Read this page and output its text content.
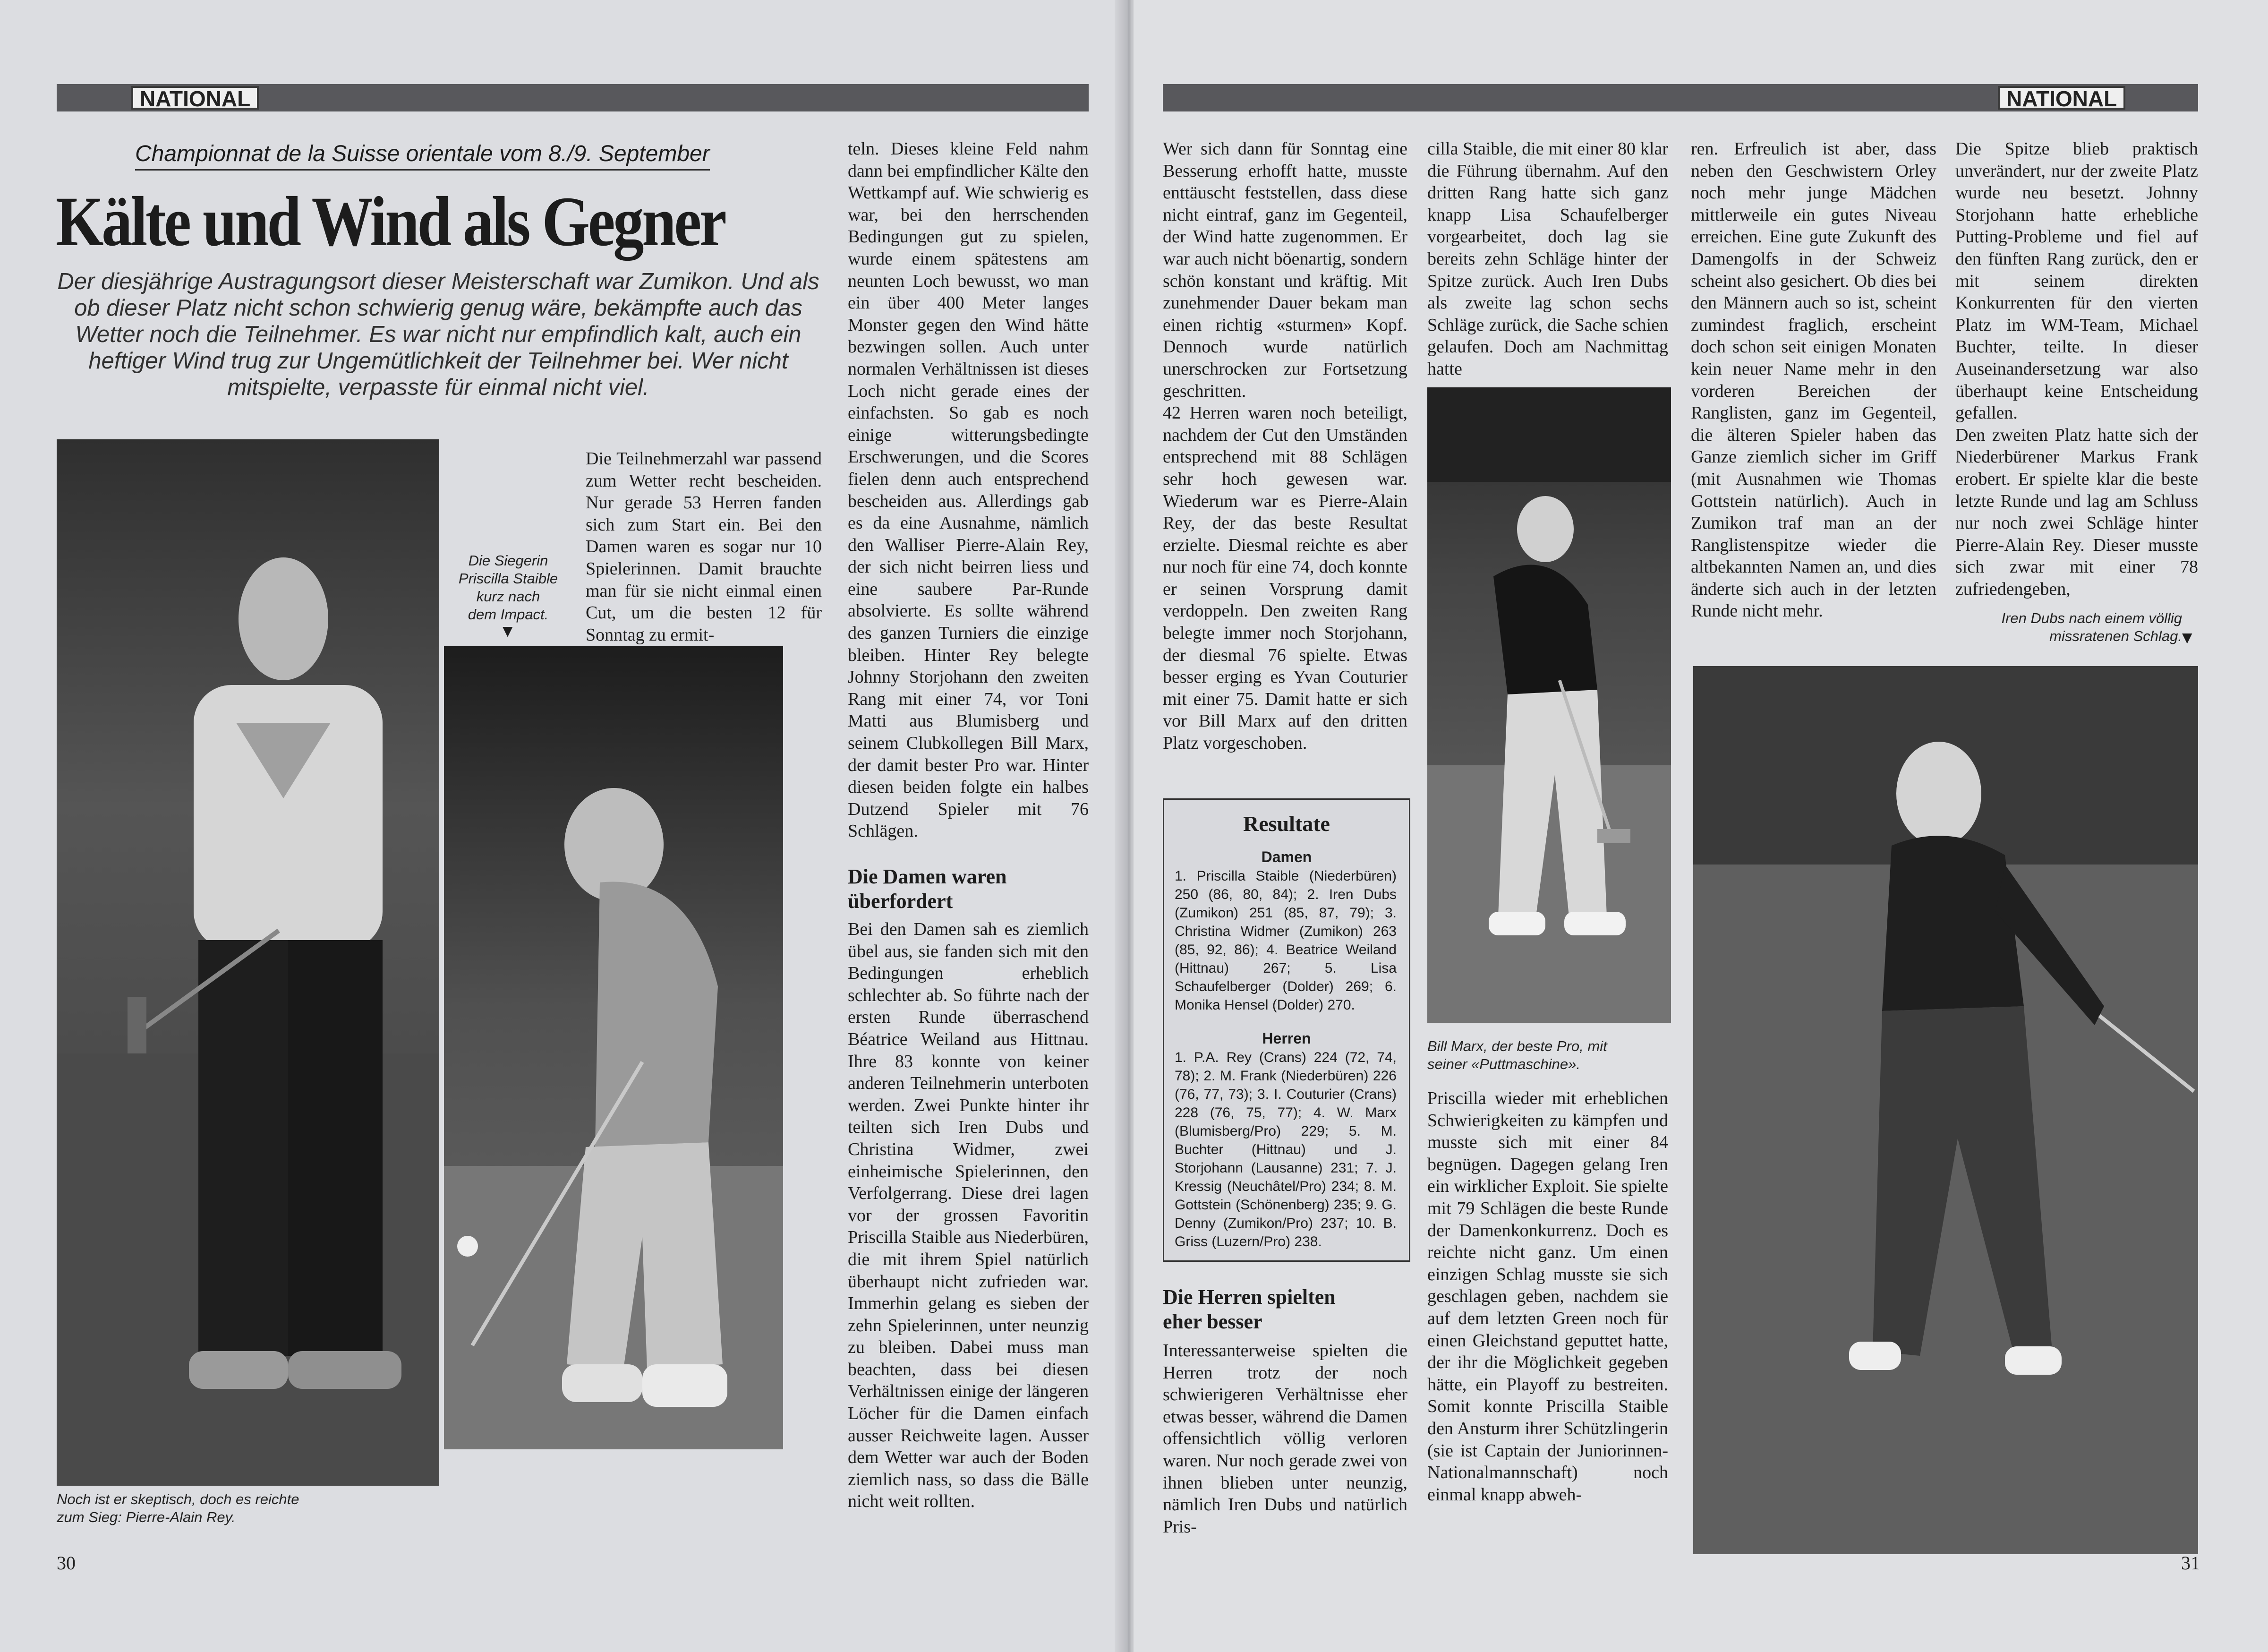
NATIONAL
Championnat de la Suisse orientale vom 8./9. September
Kälte und Wind als Gegner

Der diesjährige Austragungsort dieser Meisterschaft war Zumikon. Und als ob dieser Platz nicht schon schwierig genug wäre, bekämpfte auch das Wetter noch die Teilnehmer. Es war nicht nur empfindlich kalt, auch ein heftiger Wind trug zur Ungemütlichkeit der Teilnehmer bei. Wer nicht mitspielte, verpasste für einmal nicht viel.

Noch ist er skeptisch, doch es reichte
zum Sieg: Pierre-Alain Rey.
Die Siegerin
Priscilla Staible
kurz nach
dem Impact.
▼
Die Teilnehmerzahl war passend zum Wetter recht bescheiden. Nur gerade 53 Herren fanden sich zum Start ein. Bei den Damen waren es sogar nur 10 Spielerinnen. Damit brauchte man für sie nicht einmal einen Cut, um die besten 12 für Sonntag zu ermit-
teln. Dieses kleine Feld nahm dann bei empfindlicher Kälte den Wettkampf auf. Wie schwierig es war, bei den herrschenden Bedingungen gut zu spielen, wurde einem spätestens am neunten Loch bewusst, wo man ein über 400 Meter langes Monster gegen den Wind hätte bezwingen sollen. Auch unter normalen Verhältnissen ist dieses Loch nicht gerade eines der einfachsten. So gab es noch einige witterungsbedingte Erschwerungen, und die Scores fielen denn auch entsprechend bescheiden aus. Allerdings gab es da eine Ausnahme, nämlich den Walliser Pierre-Alain Rey, der sich nicht beirren liess und eine saubere Par-Runde absolvierte. Es sollte während des ganzen Turniers die einzige bleiben. Hinter Rey belegte Johnny Storjohann den zweiten Rang mit einer 74, vor Toni Matti aus Blumisberg und seinem Clubkollegen Bill Marx, der damit bester Pro war. Hinter diesen beiden folgte ein halbes Dutzend Spieler mit 76 Schlägen.
Die Damen waren
überfordert
Bei den Damen sah es ziemlich übel aus, sie fanden sich mit den Bedingungen erheblich schlechter ab. So führte nach der ersten Runde überraschend Béatrice Weiland aus Hittnau. Ihre 83 konnte von keiner anderen Teilnehmerin unterboten werden. Zwei Punkte hinter ihr teilten sich Iren Dubs und Christina Widmer, zwei einheimische Spielerinnen, den Verfolgerrang. Diese drei lagen vor der grossen Favoritin Priscilla Staible aus Niederbüren, die mit ihrem Spiel natürlich überhaupt nicht zufrieden war. Immerhin gelang es sieben der zehn Spielerinnen, unter neunzig zu bleiben. Dabei muss man beachten, dass bei diesen Verhältnissen einige der längeren Löcher für die Damen einfach ausser Reichweite lagen. Ausser dem Wetter war auch der Boden ziemlich nass, so dass die Bälle nicht weit rollten.
30
NATIONAL
Wer sich dann für Sonntag eine Besserung erhofft hatte, musste enttäuscht feststellen, dass diese nicht eintraf, ganz im Gegenteil, der Wind hatte zugenommen. Er war auch nicht böenartig, sondern schön konstant und kräftig. Mit zunehmender Dauer bekam man einen richtig «sturmen» Kopf. Dennoch wurde natürlich unerschrocken zur Fortsetzung geschritten.
42 Herren waren noch beteiligt, nachdem der Cut den Umständen entsprechend mit 88 Schlägen sehr hoch gewesen war. Wiederum war es Pierre-Alain Rey, der das beste Resultat erzielte. Diesmal reichte es aber nur noch für eine 74, doch konnte er seinen Vorsprung damit verdoppeln. Den zweiten Rang belegte immer noch Storjohann, der diesmal 76 spielte. Etwas besser erging es Yvan Couturier mit einer 75. Damit hatte er sich vor Bill Marx auf den dritten Platz vorgeschoben.
Resultate
Damen
1. Priscilla Staible (Niederbüren) 250 (86, 80, 84); 2. Iren Dubs (Zumikon) 251 (85, 87, 79); 3. Christina Widmer (Zumikon) 263 (85, 92, 86); 4. Beatrice Weiland (Hittnau) 267; 5. Lisa Schaufelberger (Dolder) 269; 6. Monika Hensel (Dolder) 270.
Herren
1. P.A. Rey (Crans) 224 (72, 74, 78); 2. M. Frank (Niederbüren) 226 (76, 77, 73); 3. I. Couturier (Crans) 228 (76, 75, 77); 4. W. Marx (Blumisberg/Pro) 229; 5. M. Buchter (Hittnau) und J. Storjohann (Lausanne) 231; 7. J. Kressig (Neuchâtel/Pro) 234; 8. M. Gottstein (Schönenberg) 235; 9. G. Denny (Zumikon/Pro) 237; 10. B. Griss (Luzern/Pro) 238.
Die Herren spielten
eher besser
Interessanterweise spielten die Herren trotz der noch schwierigeren Verhältnisse eher etwas besser, während die Damen offensichtlich völlig verloren waren. Nur noch gerade zwei von ihnen blieben unter neunzig, nämlich Iren Dubs und natürlich Pris-
cilla Staible, die mit einer 80 klar die Führung übernahm. Auf den dritten Rang hatte sich ganz knapp Lisa Schaufelberger vorgearbeitet, doch lag sie bereits zehn Schläge hinter der Spitze zurück. Auch Iren Dubs als zweite lag schon sechs Schläge zurück, die Sache schien gelaufen. Doch am Nachmittag hatte
Bill Marx, der beste Pro, mit
seiner «Puttmaschine».
Priscilla wieder mit erheblichen Schwierigkeiten zu kämpfen und musste sich mit einer 84 begnügen. Dagegen gelang Iren ein wirklicher Exploit. Sie spielte mit 79 Schlägen die beste Runde der Damenkonkurrenz. Doch es reichte nicht ganz. Um einen einzigen Schlag musste sie sich geschlagen geben, nachdem sie auf dem letzten Green noch für einen Gleichstand geputtet hatte, der ihr die Möglichkeit gegeben hätte, ein Playoff zu bestreiten. Somit konnte Priscilla Staible den Ansturm ihrer Schützlingerin (sie ist Captain der Juniorinnen-Nationalmannschaft) noch einmal knapp abweh-
ren. Erfreulich ist aber, dass neben den Geschwistern Orley noch mehr junge Mädchen mittlerweile ein gutes Niveau erreichen. Eine gute Zukunft des Damengolfs in der Schweiz scheint also gesichert. Ob dies bei den Männern auch so ist, scheint zumindest fraglich, erscheint doch schon seit einigen Monaten kein neuer Name mehr in den vorderen Bereichen der Ranglisten, ganz im Gegenteil, die älteren Spieler haben das Ganze ziemlich sicher im Griff (mit Ausnahmen wie Thomas Gottstein natürlich). Auch in Zumikon traf man an der Ranglistenspitze wieder die altbekannten Namen an, und dies änderte sich auch in der letzten Runde nicht mehr.
Die Spitze blieb praktisch unverändert, nur der zweite Platz wurde neu besetzt. Johnny Storjohann hatte erhebliche Putting-Probleme und fiel auf den fünften Rang zurück, den er mit seinem direkten Konkurrenten für den vierten Platz im WM-Team, Michael Buchter, teilte. In dieser Auseinandersetzung war also überhaupt keine Entscheidung gefallen.
Den zweiten Platz hatte sich der Niederbürener Markus Frank erobert. Er spielte klar die beste letzte Runde und lag am Schluss nur noch zwei Schläge hinter Pierre-Alain Rey. Dieser musste sich zwar mit einer 78 zufriedengeben,
Iren Dubs nach einem völlig
missratenen Schlag. ▼
31
